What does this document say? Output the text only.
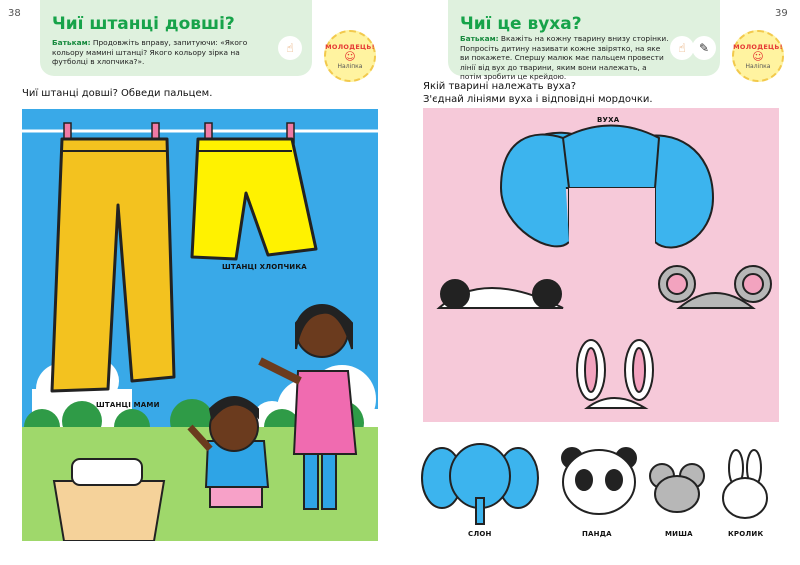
38
Чиї штанці довші?
Батькам: Продовжіть вправу, запитуючи: «Якого кольору мамині штанці? Якого кольору зірка на футболці в хлопчика?».
☝	МОЛОДЕЦЬ!
☺
Наліпка
Чиї штанці довші? Обведи пальцем.
ШТАНЦІ ХЛОПЧИКА
ШТАНЦІ МАМИ
39
Чиї це вуха?
Батькам: Вкажіть на кожну тварину внизу сторінки. Попросіть дитину називати кожне звірятко, на яке ви покажете. Спершу малюк має пальцем провести лінії від вух до тварини, яким вони належать, а потім зробити це крейдою.
☝	✎	МОЛОДЕЦЬ!
☺
Наліпка
Якій тварині належать вуха?
З'єднай лініями вуха і відповідні мордочки.
ВУХА
СЛОН	ПАНДА	МИША	КРОЛИК
